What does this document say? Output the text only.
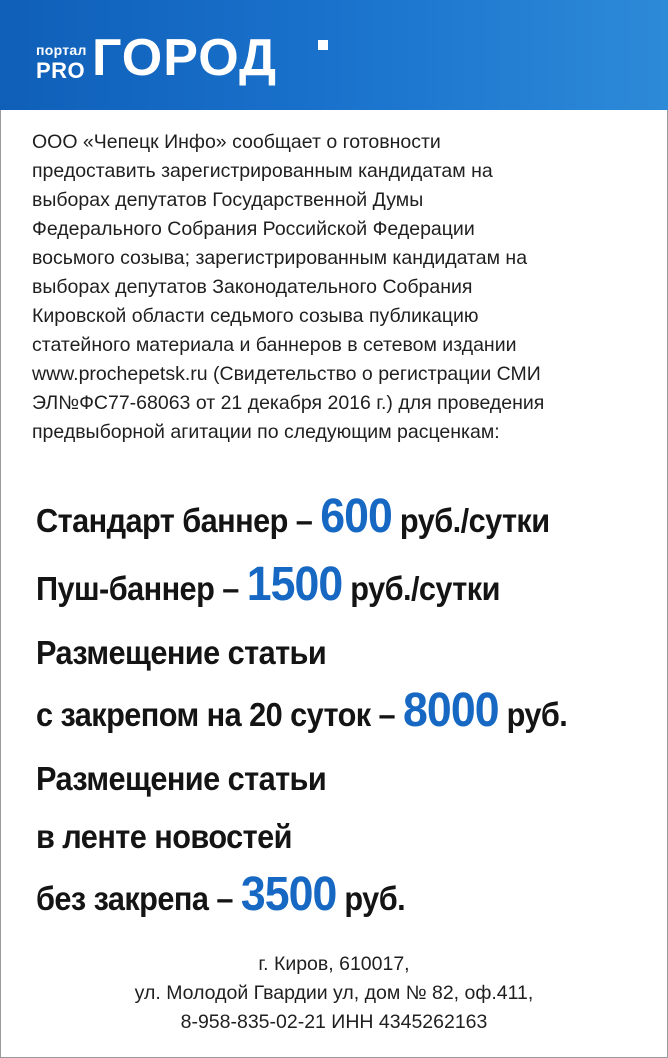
портал
PRO ГОРОД

ООО «Чепецк Инфо» сообщает о готовности

предоставить зарегистрированным кандидатам на

выборах депутатов Государственной Думы

Федерального Собрания Российской Федерации

восьмого созыва; зарегистрированным кандидатам на

выборах депутатов Законодательного Собрания

Кировской области седьмого созыва публикацию

статейного материала и баннеров в сетевом издании

www.prochepetsk.ru (Свидетельство о регистрации СМИ

ЭЛ№ФС77-68063 от 21 декабря 2016 г.) для проведения

предвыборной агитации по следующим расценкам:

Стандарт баннер – 600 руб./сутки
Пуш-баннер – 1500 руб./сутки
Размещение статьи
с закрепом на 20 суток – 8000 руб.
Размещение статьи
в ленте новостей
без закрепа – 3500 руб.
г. Киров, 610017,
ул. Молодой Гвардии ул, дом № 82, оф.411,
8-958-835-02-21 ИНН 4345262163
